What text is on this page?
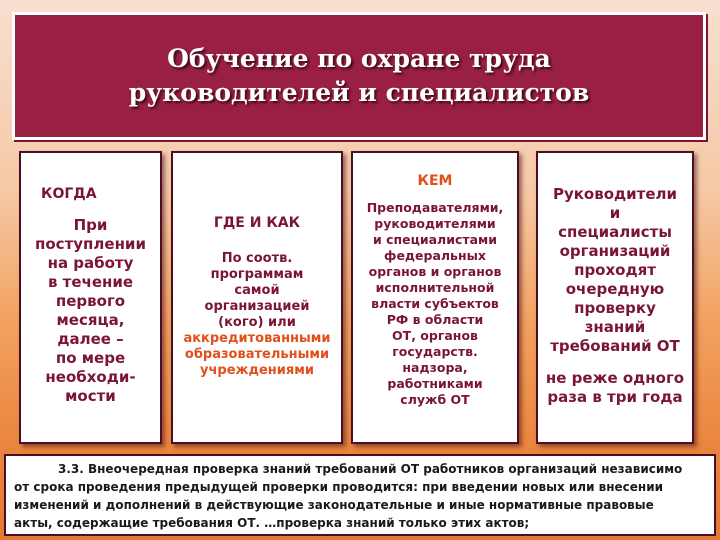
Обучение по охране труда
руководителей и специалистов
КОГДА
При
поступлении
на работу
в течение
первого
месяца,
далее –
по мере
необходи-
мости
ГДЕ И КАК
По соотв.
программам
самой
организацией
(кого) или
аккредитованными
образовательными
учреждениями
КЕМ
Преподавателями,
руководителями
и специалистами
федеральных
органов и органов
исполнительной
власти субъектов
РФ в области
ОТ, органов
государств.
надзора,
работниками
служб ОТ
Руководители
и
специалисты
организаций
проходят
очередную
проверку
знаний
требований ОТ
не реже одного
раза в три года
3.3. Внеочередная проверка знаний требований ОТ работников организаций независимо
от срока проведения предыдущей проверки проводится: при введении новых или внесении
изменений и дополнений в действующие законодательные и иные нормативные правовые
акты, содержащие требования ОТ. …проверка знаний только этих актов;
